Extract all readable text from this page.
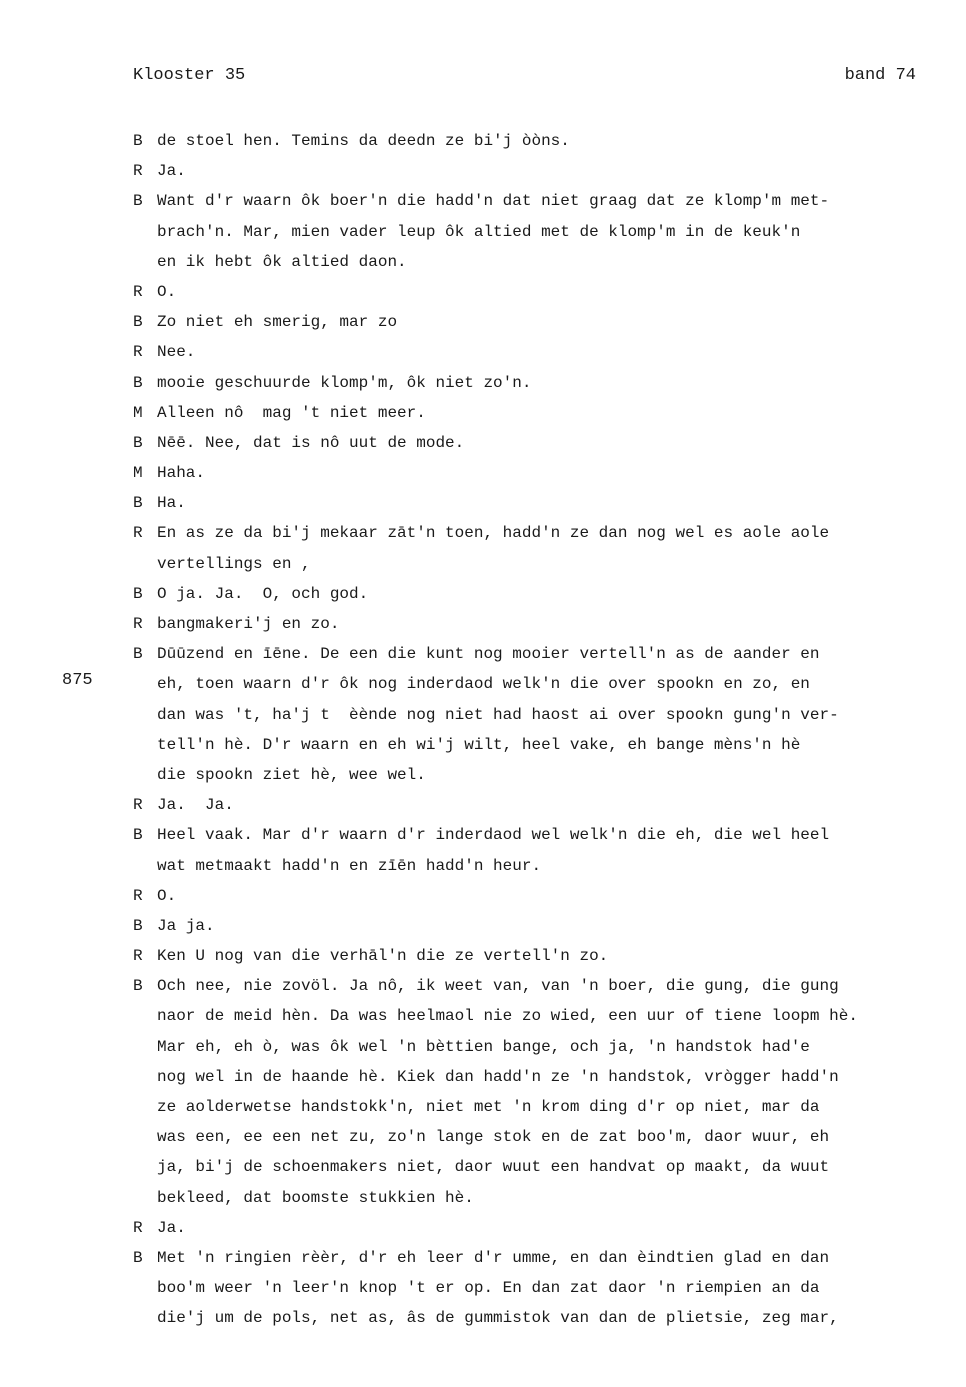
Klooster 35	band 74
875
B de stoel hen. Temins da deedn ze bi'j òòns.
R Ja.
B Want d'r waarn ôk boer'n die hadd'n dat niet graag dat ze klomp'm met-
brach'n. Mar, mien vader leup ôk altied met de klomp'm in de keuk'n
en ik hebt ôk altied daon.
R O.
B Zo niet eh smerig, mar zo
R Nee.
B mooie geschuurde klomp'm, ôk niet zo'n.
M Alleen nô  mag 't niet meer.
B Nēē. Nee, dat is nô uut de mode.
M Haha.
B Ha.
R En as ze da bi'j mekaar zāt'n toen, hadd'n ze dan nog wel es aole aole
vertellings en ,
B O ja. Ja.  O, och god.
R bangmakeri'j en zo.
B Dūūzend en īēne. De een die kunt nog mooier vertell'n as de aander en
eh, toen waarn d'r ôk nog inderdaod welk'n die over spookn en zo, en
dan was 't, ha'j t  èènde nog niet had haost ai over spookn gung'n ver-
tell'n hè. D'r waarn en eh wi'j wilt, heel vake, eh bange mèns'n hè
die spookn ziet hè, wee wel.
R Ja.  Ja.
B Heel vaak. Mar d'r waarn d'r inderdaod wel welk'n die eh, die wel heel
wat metmaakt hadd'n en zīēn hadd'n heur.
R O.
B Ja ja.
R Ken U nog van die verhāl'n die ze vertell'n zo.
B Och nee, nie zovöl. Ja nô, ik weet van, van 'n boer, die gung, die gung
naor de meid hèn. Da was heelmaol nie zo wied, een uur of tiene loopm hè.
Mar eh, eh ò, was ôk wel 'n bèttien bange, och ja, 'n handstok had'e
nog wel in de haande hè. Kiek dan hadd'n ze 'n handstok, vrògger hadd'n
ze aolderwetse handstokk'n, niet met 'n krom ding d'r op niet, mar da
was een, ee een net zu, zo'n lange stok en de zat boo'm, daor wuur, eh
ja, bi'j de schoenmakers niet, daor wuut een handvat op maakt, da wuut
bekleed, dat boomste stukkien hè.
R Ja.
B Met 'n ringien rèèr, d'r eh leer d'r umme, en dan èindtien glad en dan
boo'm weer 'n leer'n knop 't er op. En dan zat daor 'n riempien an da
die'j um de pols, net as, âs de gummistok van dan de plietsie, zeg mar,
